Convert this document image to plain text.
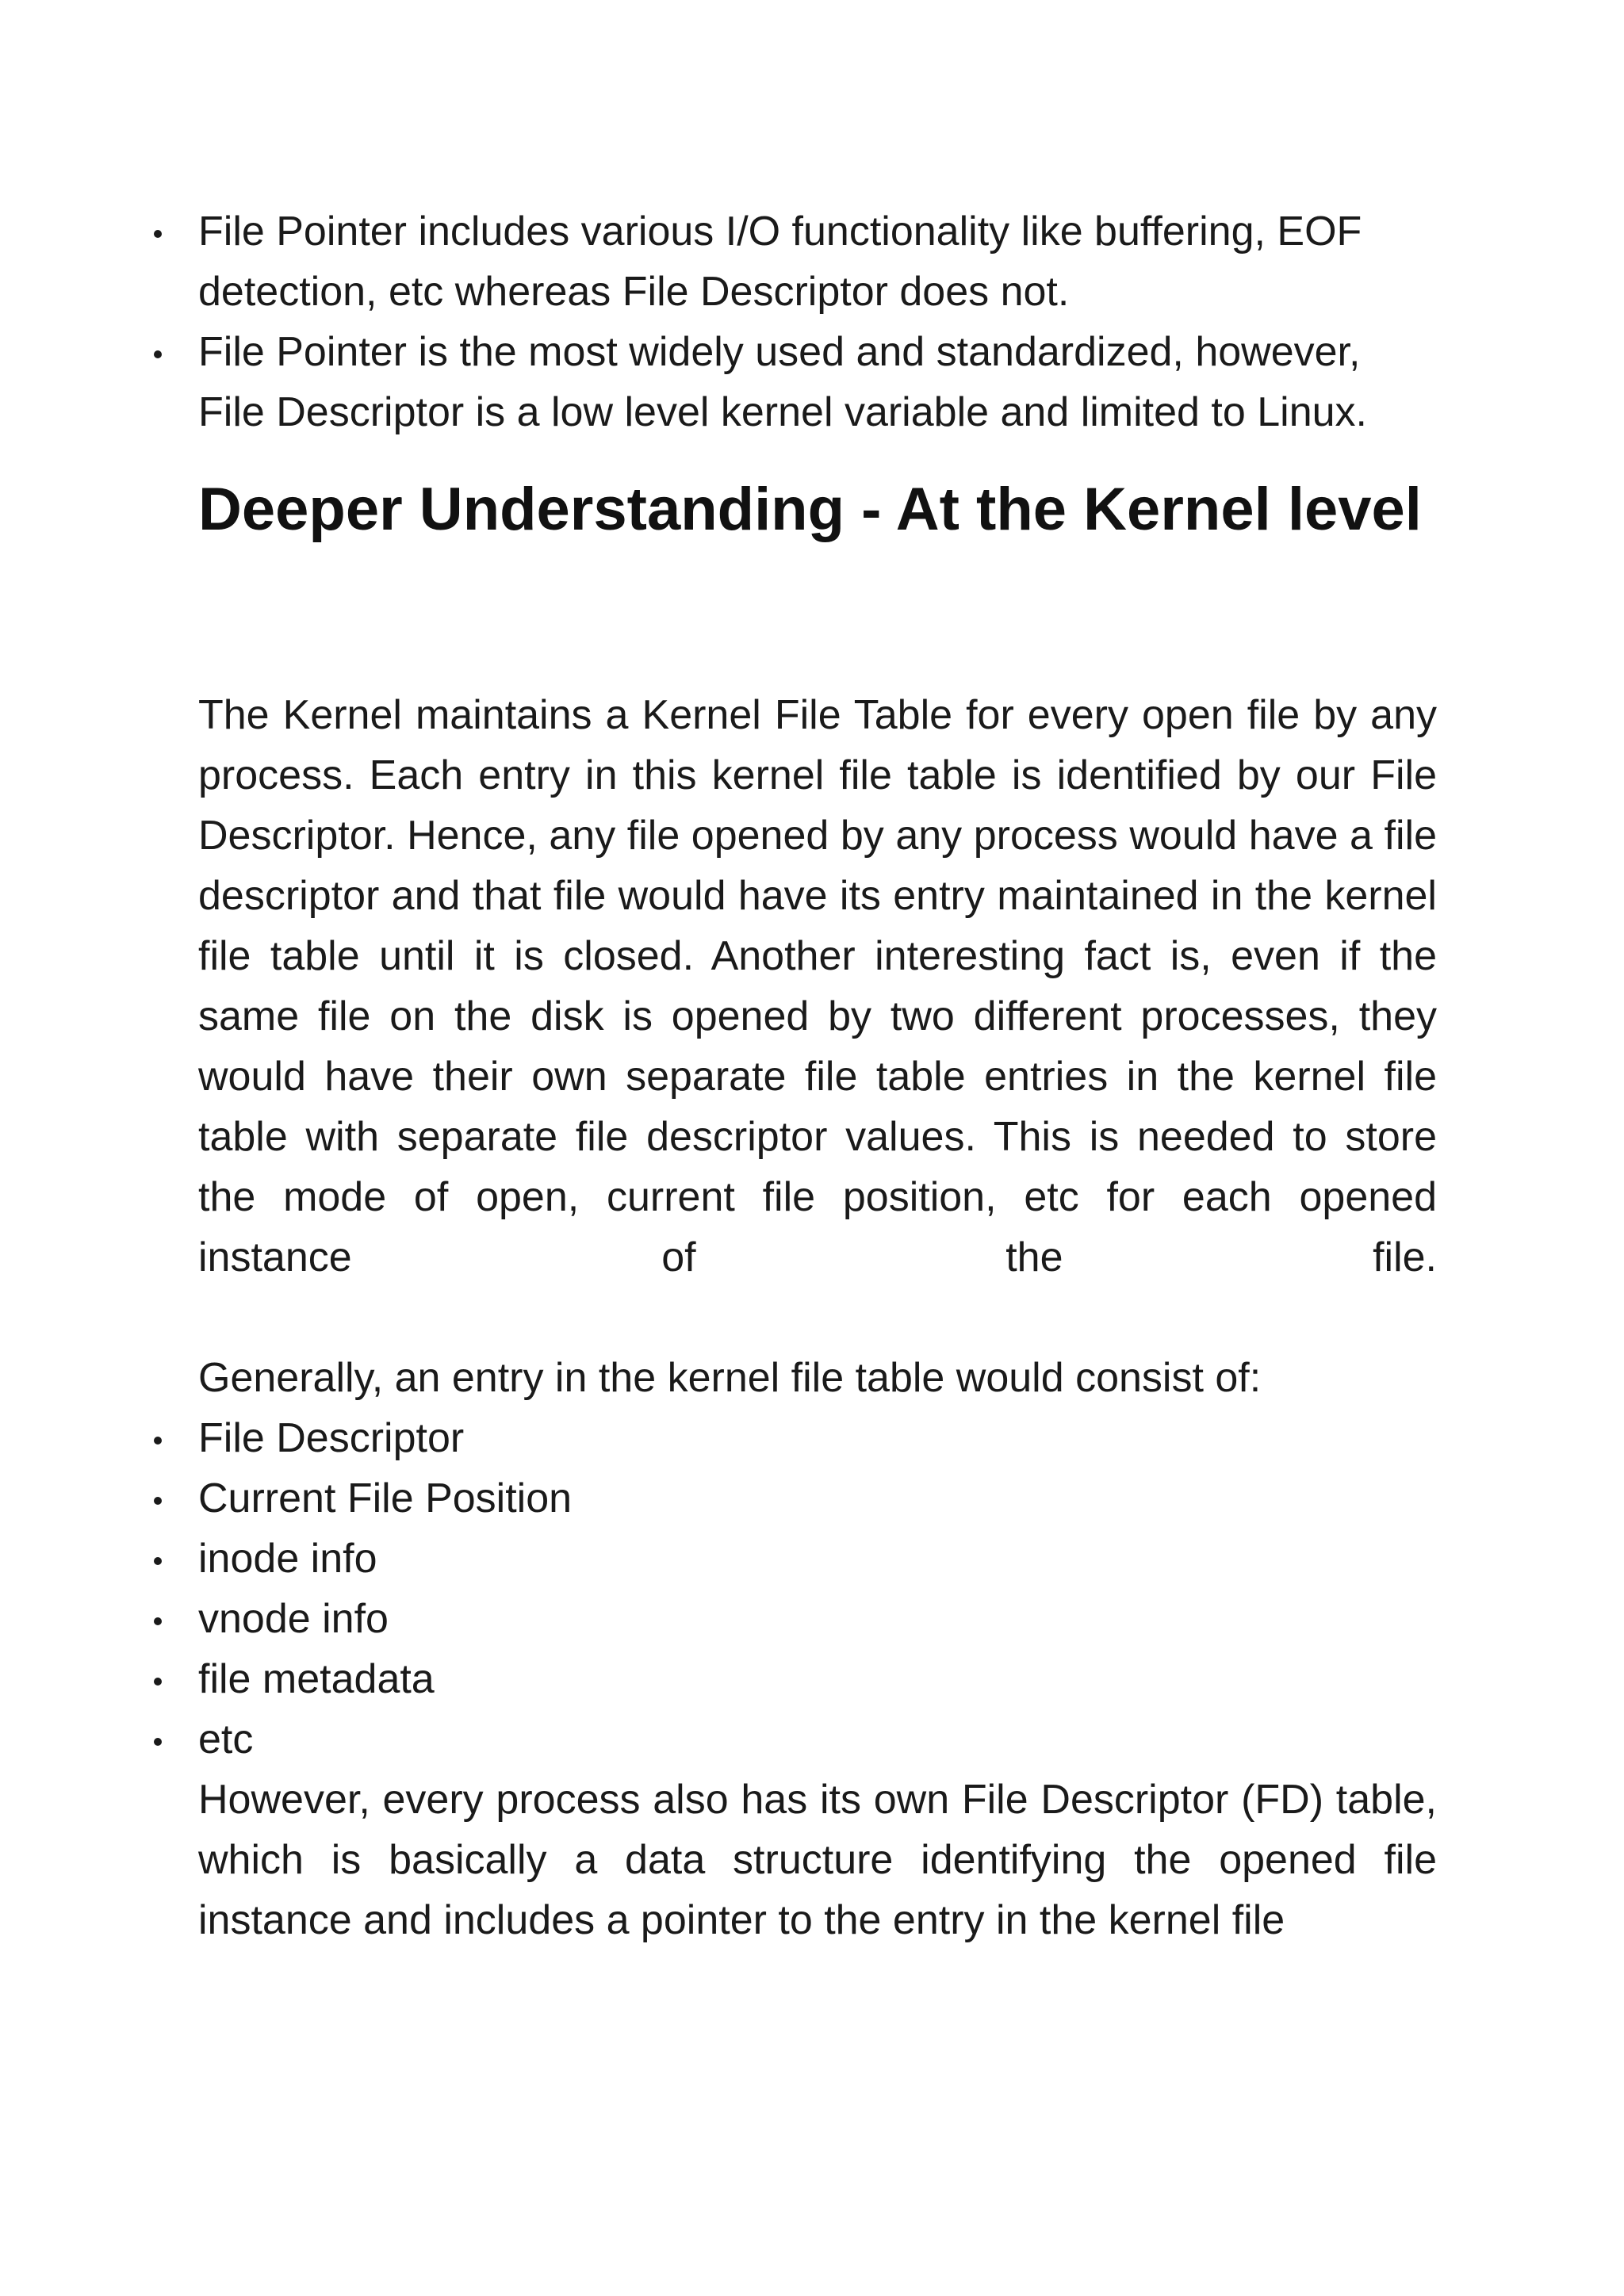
File Pointer includes various I/O functionality like buffering, EOF detection, etc whereas File Descriptor does not.
File Pointer is the most widely used and standardized, however, File Descriptor is a low level kernel variable and limited to Linux.
Deeper Understanding - At the Kernel level

The Kernel maintains a Kernel File Table for every open file by any process. Each entry in this kernel file table is identified by our File Descriptor. Hence, any file opened by any process would have a file descriptor and that file would have its entry maintained in the kernel file table until it is closed. Another interesting fact is, even if the same file on the disk is opened by two different processes, they would have their own separate file table entries in the kernel file table with separate file descriptor values. This is needed to store the mode of open, current file position, etc for each opened instance of the file.

Generally, an entry in the kernel file table would consist of:

File Descriptor
Current File Position
inode info
vnode info
file metadata
etc

However, every process also has its own File Descriptor (FD) table, which is basically a data structure identifying the opened file instance and includes a pointer to the entry in the kernel file
